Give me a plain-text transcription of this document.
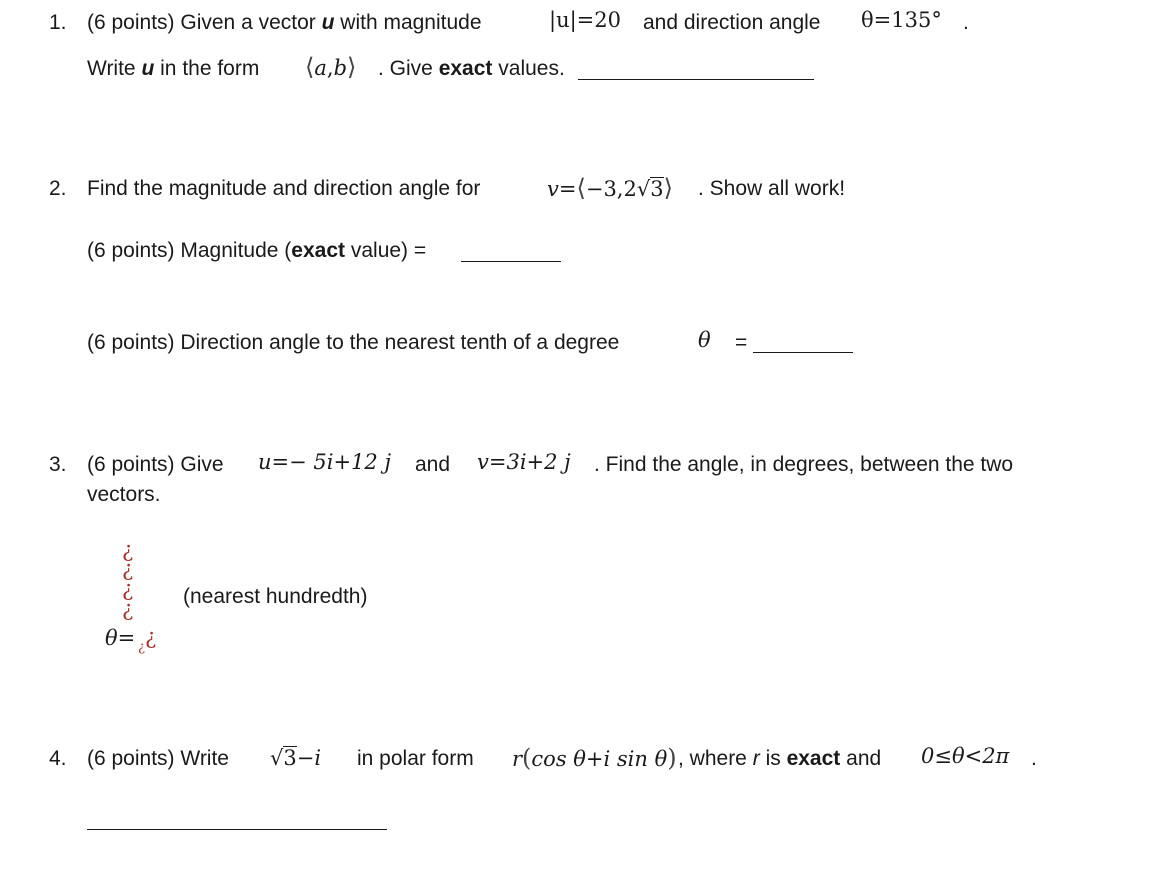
1. (6 points) Given a vector u with magnitude	|u|=20 and direction angle θ=135° .
Write u in the form ⟨a,b⟩ . Give exact values.
2. Find the magnitude and direction angle for	v=⟨−3,2√3⟩ . Show all work!
(6 points) Magnitude (exact value) =
(6 points) Direction angle to the nearest tenth of a degree	θ =
3. (6 points) Give u=− 5i+12 j and v=3i+2 j . Find the angle, in degrees, between the two
vectors.
¿
¿
¿
¿
θ= ¿ ¿
(nearest hundredth)
4. (6 points) Write √3−i in polar form r(cos θ+i sin θ) , where r is exact and 0≤θ<2π .
